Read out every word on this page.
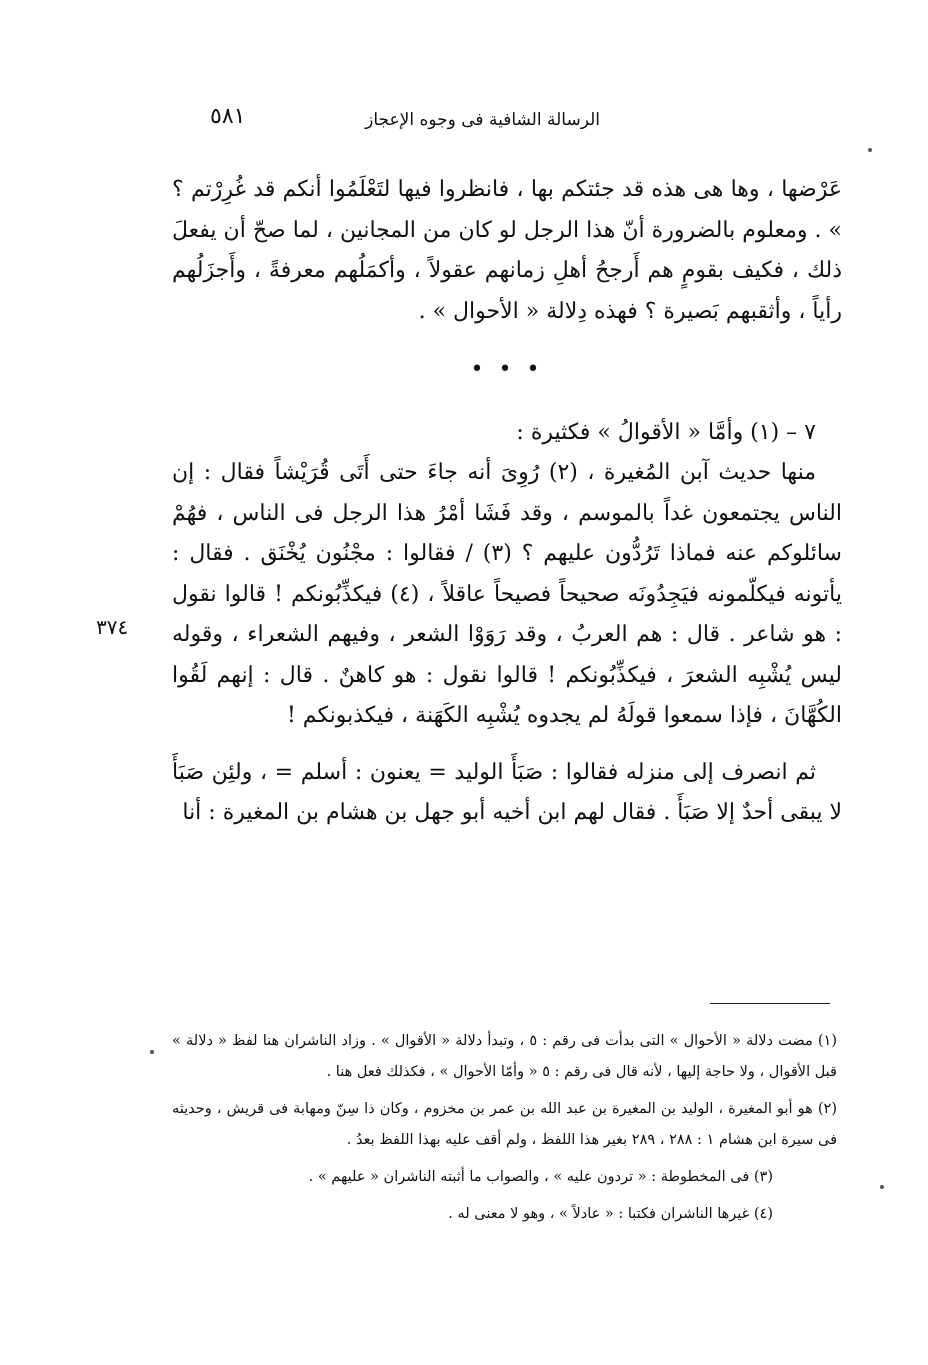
الرسالة الشافية فى وجوه الإعجاز
٥٨١

عَرْضها ، وها هى هذه قد جئتكم بها ، فانظروا فيها لتَعْلَمُوا أنكم قد غُرِرْتم ؟ » . ومعلوم بالضرورة أنّ هذا الرجل لو كان من المجانين ، لما صحّ أن يفعلَ ذلك ، فكيف بقومٍ هم أَرجحُ أهلِ زمانهم عقولاً ، وأكمَلُهم معرفةً ، وأَجزَلُهم رأياً ، وأثقبهم بَصيرة ؟ فهذه دِلالة « الأحوال » .

• • •

٧ – (١) وأمَّا « الأقوالُ » فكثيرة :

منها حديث آبن المُغيرة ، (٢) رُوِىَ أنه جاءَ حتى أَتَى قُرَيْشاً فقال : إن الناس يجتمعون غداً بالموسم ، وقد فَشَا أمْرُ هذا الرجل فى الناس ، فهُمْ سائلوكم عنه فماذا تَرُدُّون عليهم ؟ (٣) / فقالوا : مجْنُون يُخْنَق . فقال : يأتونه فيكلّمونه فيَجِدُونَه صحيحاً فصيحاً عاقلاً ، (٤) فيكذِّبُونكم ! قالوا نقول : هو شاعر . قال : هم العربُ ، وقد رَوَوْا الشعر ، وفيهم الشعراء ، وقوله ليس يُشْبِه الشعرَ ، فيكذِّبُونكم ! قالوا نقول : هو كاهنٌ . قال : إنهم لَقُوا الكُهَّانَ ، فإذا سمعوا قولَهُ لم يجدوه يُشْبِه الكَهَنة ، فيكذبونكم !

ثم انصرف إلى منزله فقالوا : صَبَأَ الوليد = يعنون : أسلم = ، ولئِن صَبَأَ لا يبقى أحدٌ إلا صَبَأَ . فقال لهم ابن أخيه أبو جهل بن هشام بن المغيرة : أنا

٣٧٤

(١) مضت دلالة « الأحوال » التى بدأت فى رقم : ٥ ، وتبدأ دلالة « الأقوال » . وزاد الناشران هنا لفظ « دلالة » قبل الأقوال ، ولا حاجة إليها ، لأنه قال فى رقم : ٥ « وأمّا الأحوال » ، فكذلك فعل هنا .

(٢) هو أبو المغيرة ، الوليد بن المغيرة بن عبد الله بن عمر بن مخزوم ، وكان ذا سِنّ ومهابة فى قريش ، وحديثه فى سيرة ابن هشام ١ : ٢٨٨ ، ٢٨٩ بغير هذا اللفظ ، ولم أقف عليه بهذا اللفظ بعدُ .

(٣) فى المخطوطة : « تردون عليه » ، والصواب ما أثبته الناشران « عليهم » .

(٤) غيرها الناشران فكتبا : « عادلاً » ، وهو لا معنى له .
